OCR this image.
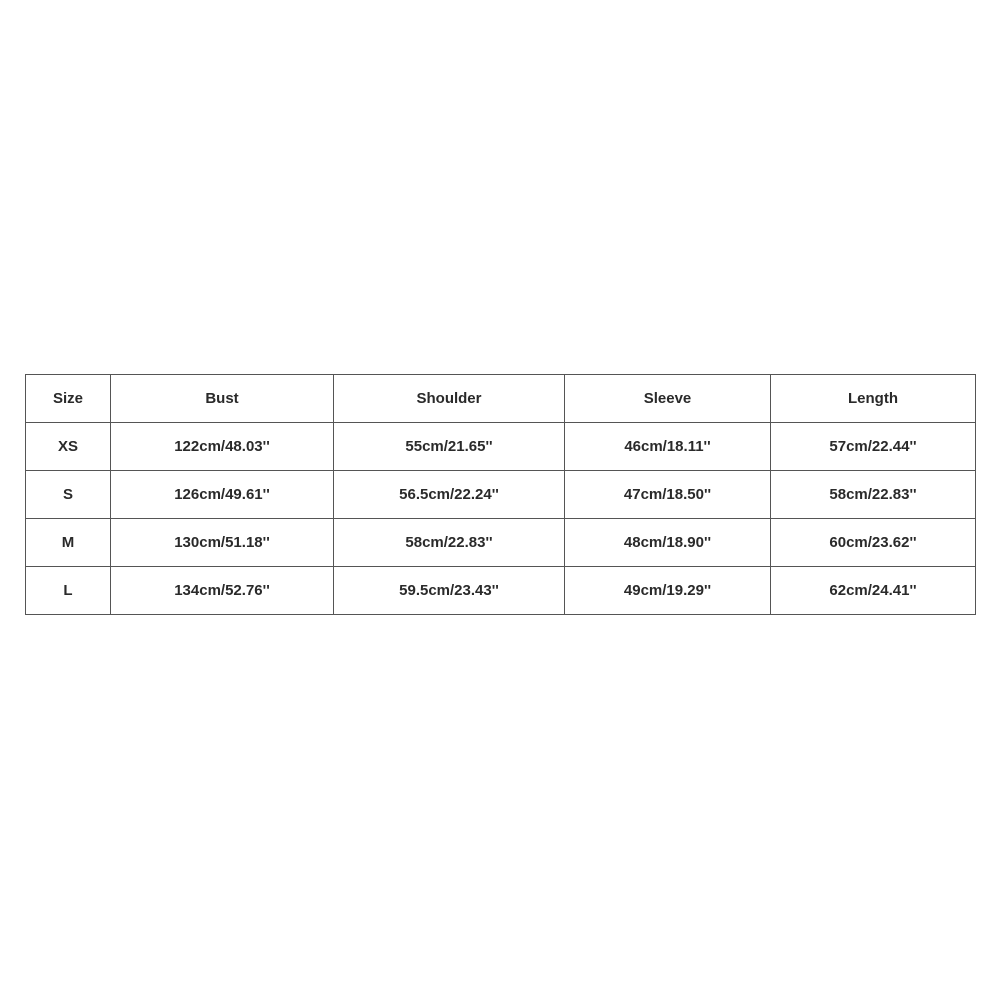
Size	Bust	Shoulder	Sleeve	Length
XS	122cm/48.03''	55cm/21.65''	46cm/18.11''	57cm/22.44''
S	126cm/49.61''	56.5cm/22.24''	47cm/18.50''	58cm/22.83''
M	130cm/51.18''	58cm/22.83''	48cm/18.90''	60cm/23.62''
L	134cm/52.76''	59.5cm/23.43''	49cm/19.29''	62cm/24.41''
